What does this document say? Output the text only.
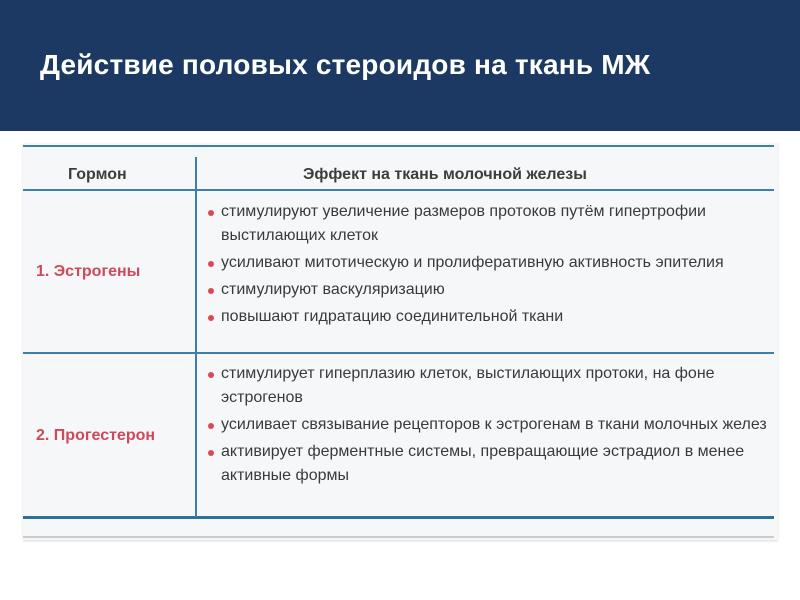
Действие половых стероидов на ткань МЖ
Гормон	Эффект на ткань молочной железы
1. Эстрогены
стимулируют увеличение размеров протоков путём гипертрофии выстилающих клеток
усиливают митотическую и пролиферативную активность эпителия
стимулируют васкуляризацию
повышают гидратацию соединительной ткани
2. Прогестерон
стимулирует гиперплазию клеток, выстилающих протоки, на фоне эстрогенов
усиливает связывание рецепторов к эстрогенам в ткани молочных желез
активирует ферментные системы, превращающие эстрадиол в менее активные формы
